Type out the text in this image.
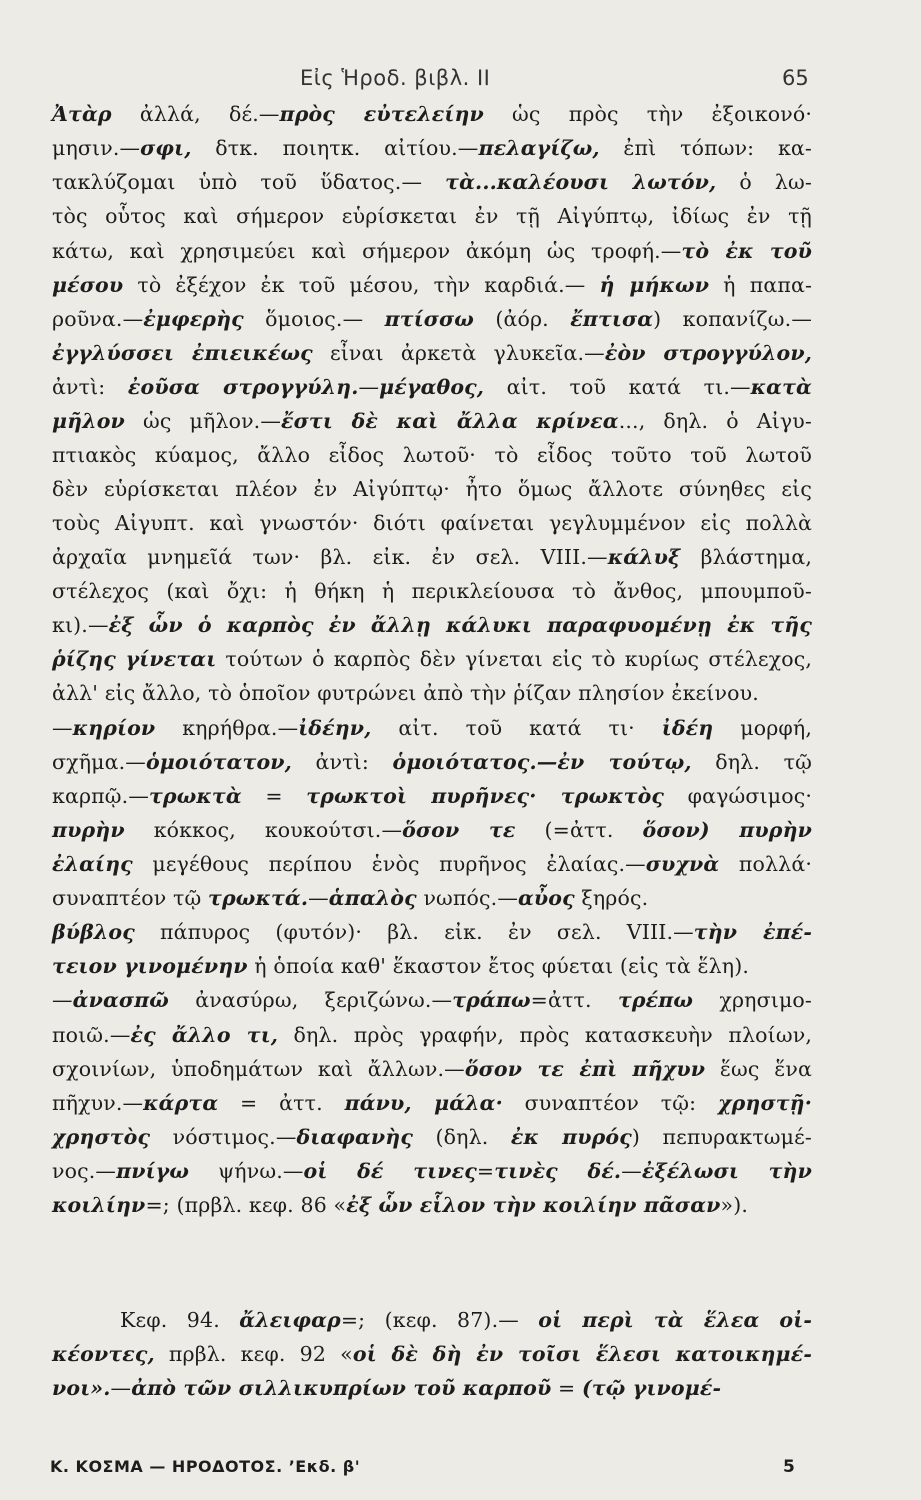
Εἰς Ἡροδ. βιβλ. ΙΙ	65
Ἀτὰρ ἀλλά, δέ.—πρὸς εὐτελείην ὡς πρὸς τὴν ἐξοικονό·
μησιν.—σφι, δτκ. ποιητκ. αἰτίου.—πελαγίζω, ἐπὶ τόπων: κα-
τακλύζομαι ὑπὸ τοῦ ὕδατος.— τὰ...καλέουσι λωτόν, ὁ λω-
τὸς οὗτος καὶ σήμερον εὑρίσκεται ἐν τῇ Αἰγύπτῳ, ἰδίως ἐν τῇ
κάτω, καὶ χρησιμεύει καὶ σήμερον ἀκόμη ὡς τροφή.—τὸ ἐκ τοῦ
μέσου τὸ ἐξέχον ἐκ τοῦ μέσου, τὴν καρδιά.— ἡ μήκων ἡ παπα-
ρoῦνα.—ἐμφερὴς ὅμοιος.— πτίσσω (ἀόρ. ἔπτισα) κοπανίζω.—
ἐγγλύσσει ἐπιεικέως εἶναι ἀρκετὰ γλυκεῖα.—ἐὸν στρογγύλον,
ἀντὶ: ἐοῦσα στρογγύλη.—μέγαθος, αἰτ. τοῦ κατά τι.—κατὰ
μῆλον ὡς μῆλον.—ἔστι δὲ καὶ ἄλλα κρίνεα..., δηλ. ὁ Αἰγυ-
πτιακὸς κύαμος, ἄλλο εἶδος λωτοῦ· τὸ εἶδος τοῦτο τοῦ λωτοῦ
δὲν εὑρίσκεται πλέον ἐν Αἰγύπτῳ· ἦτο ὅμως ἄλλοτε σύνηθες εἰς
τοὺς Αἰγυπτ. καὶ γνωστόν· διότι φαίνεται γεγλυμμένον εἰς πολλὰ
ἀρχαῖα μνημεῖά των· βλ. εἰκ. ἐν σελ. VIII.—κάλυξ βλάστημα,
στέλεχος (καὶ ὄχι: ἡ θήκη ἡ περικλείουσα τὸ ἄνθος, μπουμποῦ-
κι).—ἐξ ὧν ὁ καρπὸς ἐν ἄλλῃ κάλυκι παραφυομένῃ ἐκ τῆς
ῥίζης γίνεται τούτων ὁ καρπὸς δὲν γίνεται εἰς τὸ κυρίως στέλεχος,
ἀλλ' εἰς ἄλλο, τὸ ὁποῖον φυτρώνει ἀπὸ τὴν ῥίζαν πλησίον ἐκείνου.
—κηρίον κηρήθρα.—ἰδέην, αἰτ. τοῦ κατά τι· ἰδέη μορφή,
σχῆμα.—ὁμοιότατον, ἀντὶ: ὁμοιότατος.—ἐν τούτῳ, δηλ. τῷ
καρπῷ.—τρωκτὰ = τρωκτοὶ πυρῆνες· τρωκτὸς φαγώσιμος·
πυρὴν κόκκος, κουκούτσι.—ὅσον τε (=ἀττ. ὅσον) πυρὴν
ἐλαίης μεγέθους περίπου ἑνὸς πυρῆνος ἐλαίας.—συχνὰ πολλά·
συναπτέον τῷ τρωκτά.—ἁπαλὸς νωπός.—αὖος ξηρός.
βύβλος πάπυρος (φυτόν)· βλ. εἰκ. ἐν σελ. VIII.—τὴν ἐπέ-
τειον γινομένην ἡ ὁποία καθ' ἕκαστον ἔτος φύεται (εἰς τὰ ἕλη).
—ἀνασπῶ ἀνασύρω, ξεριζώνω.—τράπω=ἀττ. τρέπω χρησιμο-
ποιῶ.—ἐς ἄλλο τι, δηλ. πρὸς γραφήν, πρὸς κατασκευὴν πλοίων,
σχοινίων, ὑποδημάτων καὶ ἄλλων.—ὅσον τε ἐπὶ πῆχυν ἕως ἕνα
πῆχυν.—κάρτα = ἀττ. πάνυ, μάλα· συναπτέον τῷ: χρηστῇ·
χρηστὸς νόστιμος.—διαφανὴς (δηλ. ἐκ πυρός) πεπυρακτωμέ-
νος.—πνίγω ψήνω.—οἱ δέ τινες=τινὲς δέ.—ἐξέλωσι τὴν
κοιλίην=; (πρβλ. κεφ. 86 «ἐξ ὧν εἷλον τὴν κοιλίην πᾶσαν»).
Κεφ. 94. ἄλειφαρ=; (κεφ. 87).— οἱ περὶ τὰ ἕλεα οἰ-
κέοντες, πρβλ. κεφ. 92 «οἱ δὲ δὴ ἐν τοῖσι ἕλεσι κατοικημέ-
νοι».—ἀπὸ τῶν σιλλικυπρίων τοῦ καρποῦ = (τῷ γινομέ-
Κ. ΚΟΣΜΑ — ΗΡΟΔΟΤΟΣ. ʼΕκδ. β'	5
